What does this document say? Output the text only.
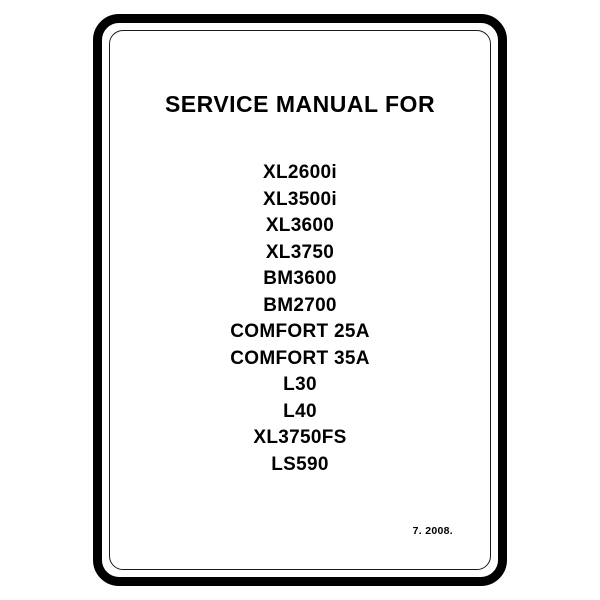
SERVICE MANUAL FOR
XL2600i
XL3500i
XL3600
XL3750
BM3600
BM2700
COMFORT 25A
COMFORT 35A
L30
L40
XL3750FS
LS590
7. 2008.
